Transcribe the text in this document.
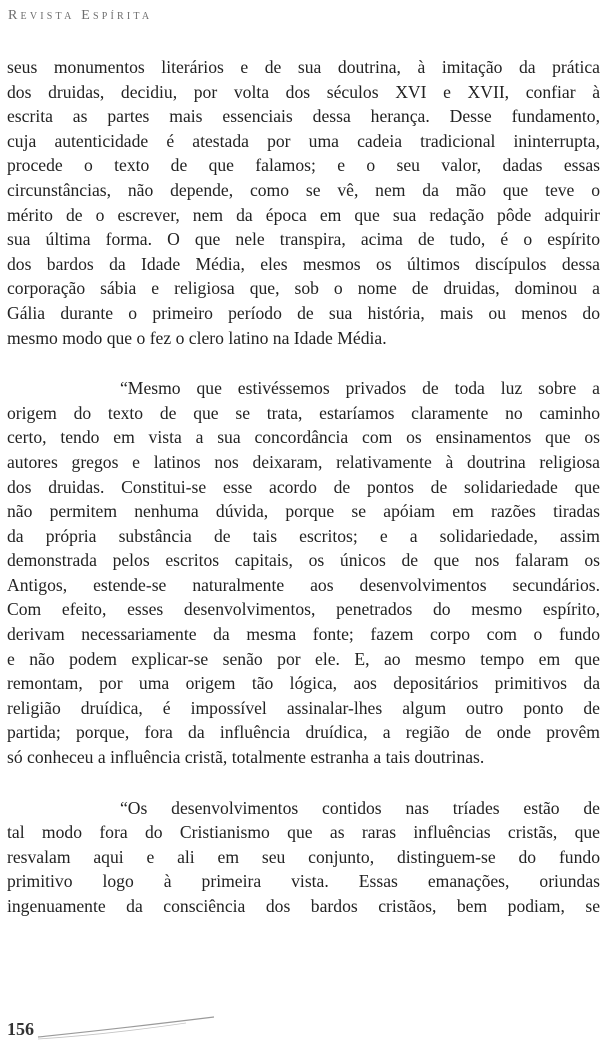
Revista Espírita
seus monumentos literários e de sua doutrina, à imitação da prática
dos druidas, decidiu, por volta dos séculos XVI e XVII, confiar à
escrita as partes mais essenciais dessa herança. Desse fundamento,
cuja autenticidade é atestada por uma cadeia tradicional ininterrupta,
procede o texto de que falamos; e o seu valor, dadas essas
circunstâncias, não depende, como se vê, nem da mão que teve o
mérito de o escrever, nem da época em que sua redação pôde adquirir
sua última forma. O que nele transpira, acima de tudo, é o espírito
dos bardos da Idade Média, eles mesmos os últimos discípulos dessa
corporação sábia e religiosa que, sob o nome de druidas, dominou a
Gália durante o primeiro período de sua história, mais ou menos do
mesmo modo que o fez o clero latino na Idade Média.
“Mesmo que estivéssemos privados de toda luz sobre a
origem do texto de que se trata, estaríamos claramente no caminho
certo, tendo em vista a sua concordância com os ensinamentos que os
autores gregos e latinos nos deixaram, relativamente à doutrina religiosa
dos druidas. Constitui-se esse acordo de pontos de solidariedade que
não permitem nenhuma dúvida, porque se apóiam em razões tiradas
da própria substância de tais escritos; e a solidariedade, assim
demonstrada pelos escritos capitais, os únicos de que nos falaram os
Antigos, estende-se naturalmente aos desenvolvimentos secundários.
Com efeito, esses desenvolvimentos, penetrados do mesmo espírito,
derivam necessariamente da mesma fonte; fazem corpo com o fundo
e não podem explicar-se senão por ele. E, ao mesmo tempo em que
remontam, por uma origem tão lógica, aos depositários primitivos da
religião druídica, é impossível assinalar-lhes algum outro ponto de
partida; porque, fora da influência druídica, a região de onde provêm
só conheceu a influência cristã, totalmente estranha a tais doutrinas.
“Os desenvolvimentos contidos nas tríades estão de
tal modo fora do Cristianismo que as raras influências cristãs, que
resvalam aqui e ali em seu conjunto, distinguem-se do fundo
primitivo logo à primeira vista. Essas emanações, oriundas
ingenuamente da consciência dos bardos cristãos, bem podiam, se
156
